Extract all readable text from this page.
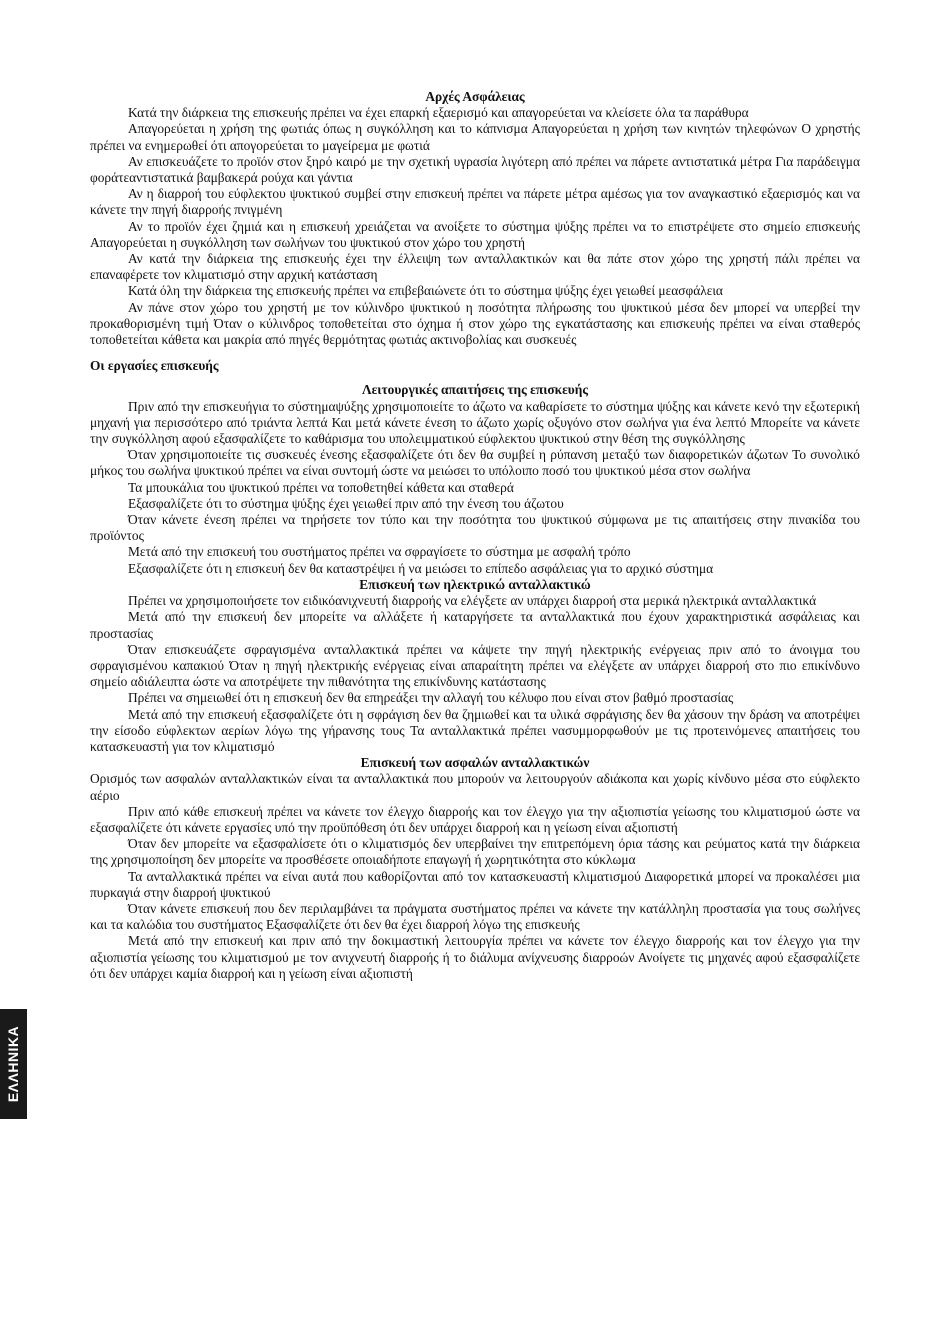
ΕΛΛΗΝΙΚΑ

Αρχές Ασφάλειας

Κατά την διάρκεια της επισκευής πρέπει να έχει επαρκή εξαερισμό και απαγορεύεται να κλείσετε όλα τα παράθυρα

Απαγορεύεται η χρήση της φωτιάς όπως η συγκόλληση και το κάπνισμα Απαγορεύεται η χρήση των κινητών τηλεφώνων Ο χρηστής πρέπει να ενημερωθεί ότι απογορεύεται το μαγείρεμα με φωτιά

Αν επισκευάζετε το προϊόν στον ξηρό καιρό με την σχετική υγρασία λιγότερη από πρέπει να πάρετε αντιστατικά μέτρα Για παράδειγμα φοράτεαντιστατικά βαμβακερά ρούχα και γάντια

Αν η διαρροή του εύφλεκτου ψυκτικού συμβεί στην επισκευή πρέπει να πάρετε μέτρα αμέσως για τον αναγκαστικό εξαερισμός και να κάνετε την πηγή διαρροής πνιγμένη

Αν το προϊόν έχει ζημιά και η επισκευή χρειάζεται να ανοίξετε το σύστημα ψύξης πρέπει να το επιστρέψετε στο σημείο επισκευής Απαγορεύεται η συγκόλληση των σωλήνων του ψυκτικού στον χώρο του χρηστή

Αν κατά την διάρκεια της επισκευής έχει την έλλειψη των ανταλλακτικών και θα πάτε στον χώρο της χρηστή πάλι πρέπει να επαναφέρετε τον κλιματισμό στην αρχική κατάσταση

Κατά όλη την διάρκεια της επισκευής πρέπει να επιβεβαιώνετε ότι το σύστημα ψύξης έχει γειωθεί μεασφάλεια

Αν πάνε στον χώρο του χρηστή με τον κύλινδρο ψυκτικού η ποσότητα πλήρωσης του ψυκτικού μέσα δεν μπορεί να υπερβεί την προκαθορισμένη τιμή Όταν ο κύλινδρος τοποθετείται στο όχημα ή στον χώρο της εγκατάστασης και επισκευής πρέπει να είναι σταθερός τοποθετείται κάθετα και μακρία από πηγές θερμότητας φωτιάς ακτινοβολίας και συσκευές

Οι εργασίες επισκευής

Λειτουργικές απαιτήσεις της επισκευής

Πριν από την επισκευήγια το σύστημαψύξης χρησιμοποιείτε το άζωτο να καθαρίσετε το σύστημα ψύξης και κάνετε κενό την εξωτερική μηχανή για περισσότερο από τριάντα λεπτά Και μετά κάνετε ένεση το άζωτο χωρίς οξυγόνο στον σωλήνα για ένα λεπτό Μπορείτε να κάνετε την συγκόλληση αφού εξασφαλίζετε το καθάρισμα του υπολειμματικού εύφλεκτου ψυκτικού στην θέση της συγκόλλησης

Όταν χρησιμοποιείτε τις συσκευές ένεσης εξασφαλίζετε ότι δεν θα συμβεί η ρύπανση μεταξύ των διαφορετικών άζωτων Το συνολικό μήκος του σωλήνα ψυκτικού πρέπει να είναι συντομή ώστε να μειώσει το υπόλοιπο ποσό του ψυκτικού μέσα στον σωλήνα

Τα μπουκάλια του ψυκτικού πρέπει να τοποθετηθεί κάθετα και σταθερά

Εξασφαλίζετε ότι το σύστημα ψύξης έχει γειωθεί πριν από την ένεση του άζωτου

Όταν κάνετε ένεση πρέπει να τηρήσετε τον τύπο και την ποσότητα του ψυκτικού σύμφωνα με τις απαιτήσεις στην πινακίδα του προϊόντος

Μετά από την επισκευή του συστήματος πρέπει να σφραγίσετε το σύστημα με ασφαλή τρόπο

Εξασφαλίζετε ότι η επισκευή δεν θα καταστρέψει ή να μειώσει το επίπεδο ασφάλειας για το αρχικό σύστημα

Επισκευή των ηλεκτρικώ ανταλλακτικώ

Πρέπει να χρησιμοποιήσετε τον ειδικόανιχνευτή διαρροής να ελέγξετε αν υπάρχει διαρροή στα μερικά ηλεκτρικά ανταλλακτικά

Μετά από την επισκευή δεν μπορείτε να αλλάξετε ή καταργήσετε τα ανταλλακτικά που έχουν χαρακτηριστικά ασφάλειας και προστασίας

Όταν επισκευάζετε σφραγισμένα ανταλλακτικά πρέπει να κάψετε την πηγή ηλεκτρικής ενέργειας πριν από το άνοιγμα του σφραγισμένου καπακιού Όταν η πηγή ηλεκτρικής ενέργειας είναι απαραίτητη πρέπει να ελέγξετε αν υπάρχει διαρροή στο πιο επικίνδυνο σημείο αδιάλειπτα ώστε να αποτρέψετε την πιθανότητα της επικίνδυνης κατάστασης

Πρέπει να σημειωθεί ότι η επισκευή δεν θα επηρεάξει την αλλαγή του κέλυφο που είναι στον βαθμό προστασίας

Μετά από την επισκευή εξασφαλίζετε ότι η σφράγιση δεν θα ζημιωθεί και τα υλικά σφράγισης δεν θα χάσουν την δράση να αποτρέψει την είσοδο εύφλεκτων αερίων λόγω της γήρανσης τους Τα ανταλλακτικά πρέπει νασυμμορφωθούν με τις προτεινόμενες απαιτήσεις του κατασκευαστή για τον κλιματισμό

Επισκευή των ασφαλών ανταλλακτικών

Ορισμός των ασφαλών ανταλλακτικών είναι τα ανταλλακτικά που μπορούν να λειτουργούν αδιάκοπα και χωρίς κίνδυνο μέσα στο εύφλεκτο αέριο

Πριν από κάθε επισκευή πρέπει να κάνετε τον έλεγχο διαρροής και τον έλεγχο για την αξιοπιστία γείωσης του κλιματισμού ώστε να εξασφαλίζετε ότι κάνετε εργασίες υπό την προϋπόθεση ότι δεν υπάρχει διαρροή και η γείωση είναι αξιοπιστή

Όταν δεν μπορείτε να εξασφαλίσετε ότι ο κλιματισμός δεν υπερβαίνει την επιτρεπόμενη όρια τάσης και ρεύματος κατά την διάρκεια της χρησιμοποίηση δεν μπορείτε να προσθέσετε οποιαδήποτε επαγωγή ή χωρητικότητα στο κύκλωμα

Τα ανταλλακτικά πρέπει να είναι αυτά που καθορίζονται από τον κατασκευαστή κλιματισμού Διαφορετικά μπορεί να προκαλέσει μια πυρκαγιά στην διαρροή ψυκτικού

Όταν κάνετε επισκευή που δεν περιλαμβάνει τα πράγματα συστήματος πρέπει να κάνετε την κατάλληλη προστασία για τους σωλήνες και τα καλώδια του συστήματος Εξασφαλίζετε ότι δεν θα έχει διαρροή λόγω της επισκευής

Μετά από την επισκευή και πριν από την δοκιμαστική λειτουργία πρέπει να κάνετε τον έλεγχο διαρροής και τον έλεγχο για την αξιοπιστία γείωσης του κλιματισμού με τον ανιχνευτή διαρροής ή το διάλυμα ανίχνευσης διαρροών Ανοίγετε τις μηχανές αφού εξασφαλίζετε ότι δεν υπάρχει καμία διαρροή και η γείωση είναι αξιοπιστή
